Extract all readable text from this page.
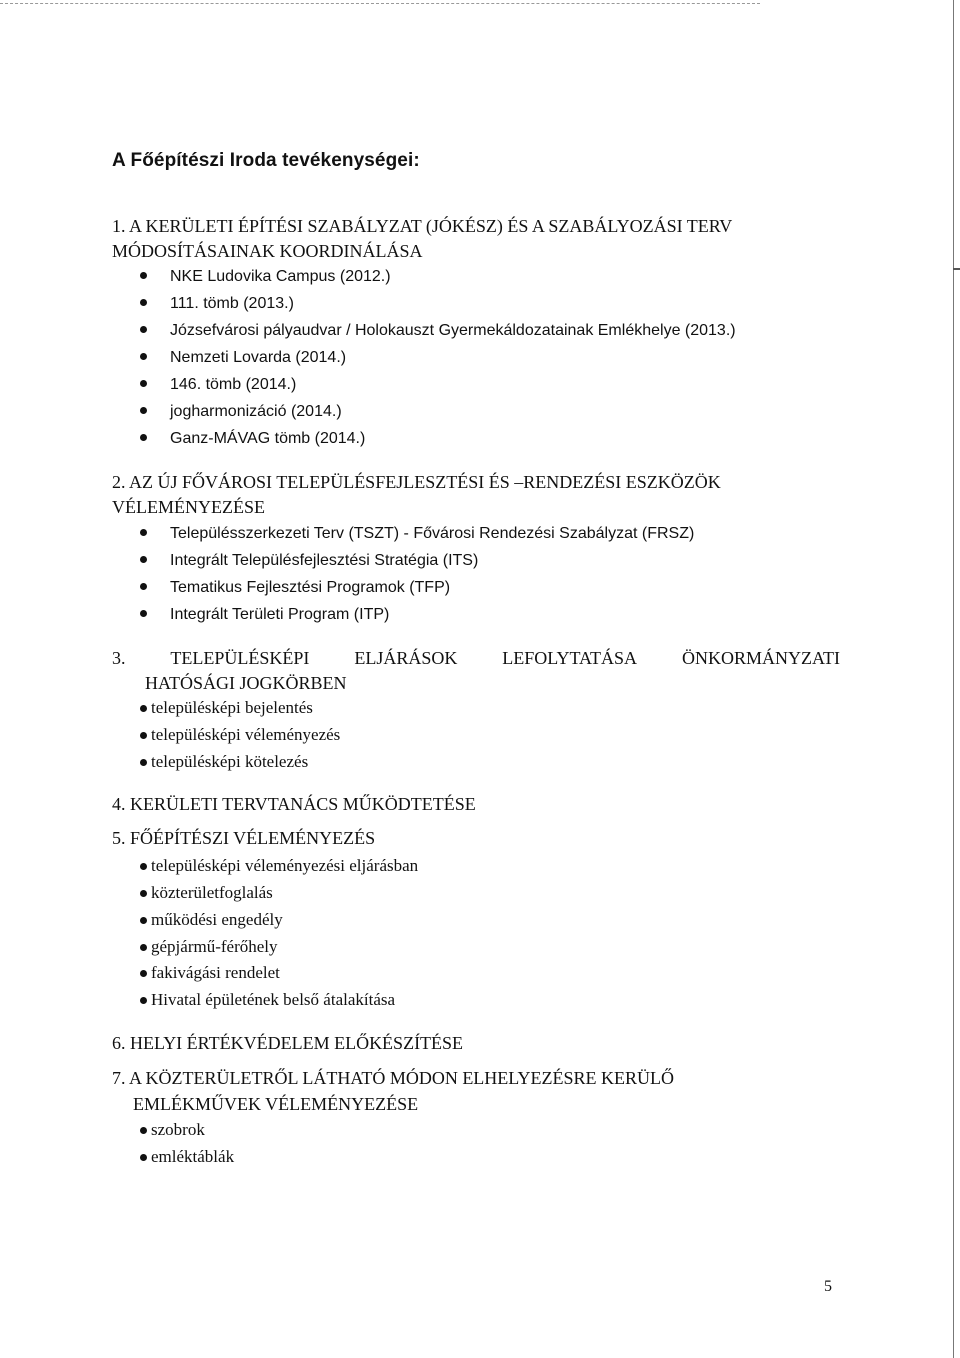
A Főépítészi Iroda tevékenységei:
1. A KERÜLETI ÉPÍTÉSI SZABÁLYZAT (JÓKÉSZ) ÉS A SZABÁLYOZÁSI TERV
MÓDOSÍTÁSAINAK KOORDINÁLÁSA
NKE Ludovika Campus (2012.)
111. tömb (2013.)
Józsefvárosi pályaudvar / Holokauszt Gyermekáldozatainak Emlékhelye (2013.)
Nemzeti Lovarda (2014.)
146. tömb (2014.)
jogharmonizáció (2014.)
Ganz-MÁVAG tömb (2014.)
2. AZ ÚJ FŐVÁROSI TELEPÜLÉSFEJLESZTÉSI ÉS –RENDEZÉSI ESZKÖZÖK
VÉLEMÉNYEZÉSE
Településszerkezeti Terv (TSZT) - Fővárosi Rendezési Szabályzat (FRSZ)
Integrált Településfejlesztési Stratégia (ITS)
Tematikus Fejlesztési Programok (TFP)
Integrált Területi Program (ITP)
3. TELEPÜLÉSKÉPI ELJÁRÁSOK LEFOLYTATÁSA ÖNKORMÁNYZATI
HATÓSÁGI JOGKÖRBEN
településképi bejelentés
településképi véleményezés
településképi kötelezés
4. KERÜLETI TERVTANÁCS MŰKÖDTETÉSE
5. FŐÉPÍTÉSZI VÉLEMÉNYEZÉS
településképi véleményezési eljárásban
közterületfoglalás
működési engedély
gépjármű-férőhely
fakivágási rendelet
Hivatal épületének belső átalakítása
6. HELYI ÉRTÉKVÉDELEM ELŐKÉSZÍTÉSE
7. A KÖZTERÜLETRŐL LÁTHATÓ MÓDON ELHELYEZÉSRE KERÜLŐ
EMLÉKMŰVEK VÉLEMÉNYEZÉSE
szobrok
emléktáblák
5
